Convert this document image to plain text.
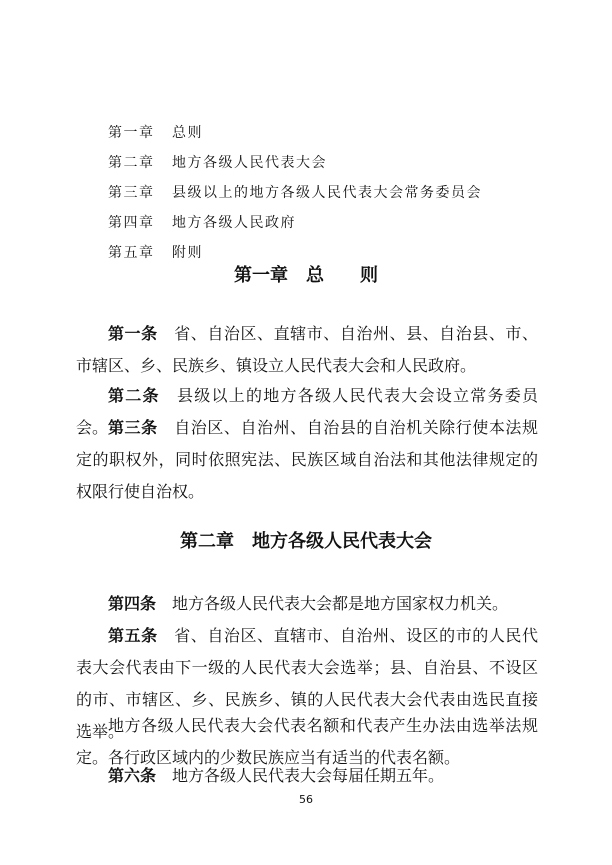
第一章 总则
第二章 地方各级人民代表大会
第三章 县级以上的地方各级人民代表大会常务委员会
第四章 地方各级人民政府
第五章 附则
第一章　总　　则

第一条　省、自治区、直辖市、自治州、县、自治县、市、市辖区、乡、民族乡、镇设立人民代表大会和人民政府。

第二条　县级以上的地方各级人民代表大会设立常务委员会。 第三条　自治区、自治州、自治县的自治机关除行使本法规定的职权外，同时依照宪法、民族区域自治法和其他法律规定的权限行使自治权。

第二章　地方各级人民代表大会

第四条　地方各级人民代表大会都是地方国家权力机关。

第五条　省、自治区、直辖市、自治州、设区的市的人民代表大会代表由下一级的人民代表大会选举；县、自治县、不设区的市、市辖区、乡、民族乡、镇的人民代表大会代表由选民直接选举。

地方各级人民代表大会代表名额和代表产生办法由选举法规定。各行政区域内的少数民族应当有适当的代表名额。

第六条　地方各级人民代表大会每届任期五年。

56
